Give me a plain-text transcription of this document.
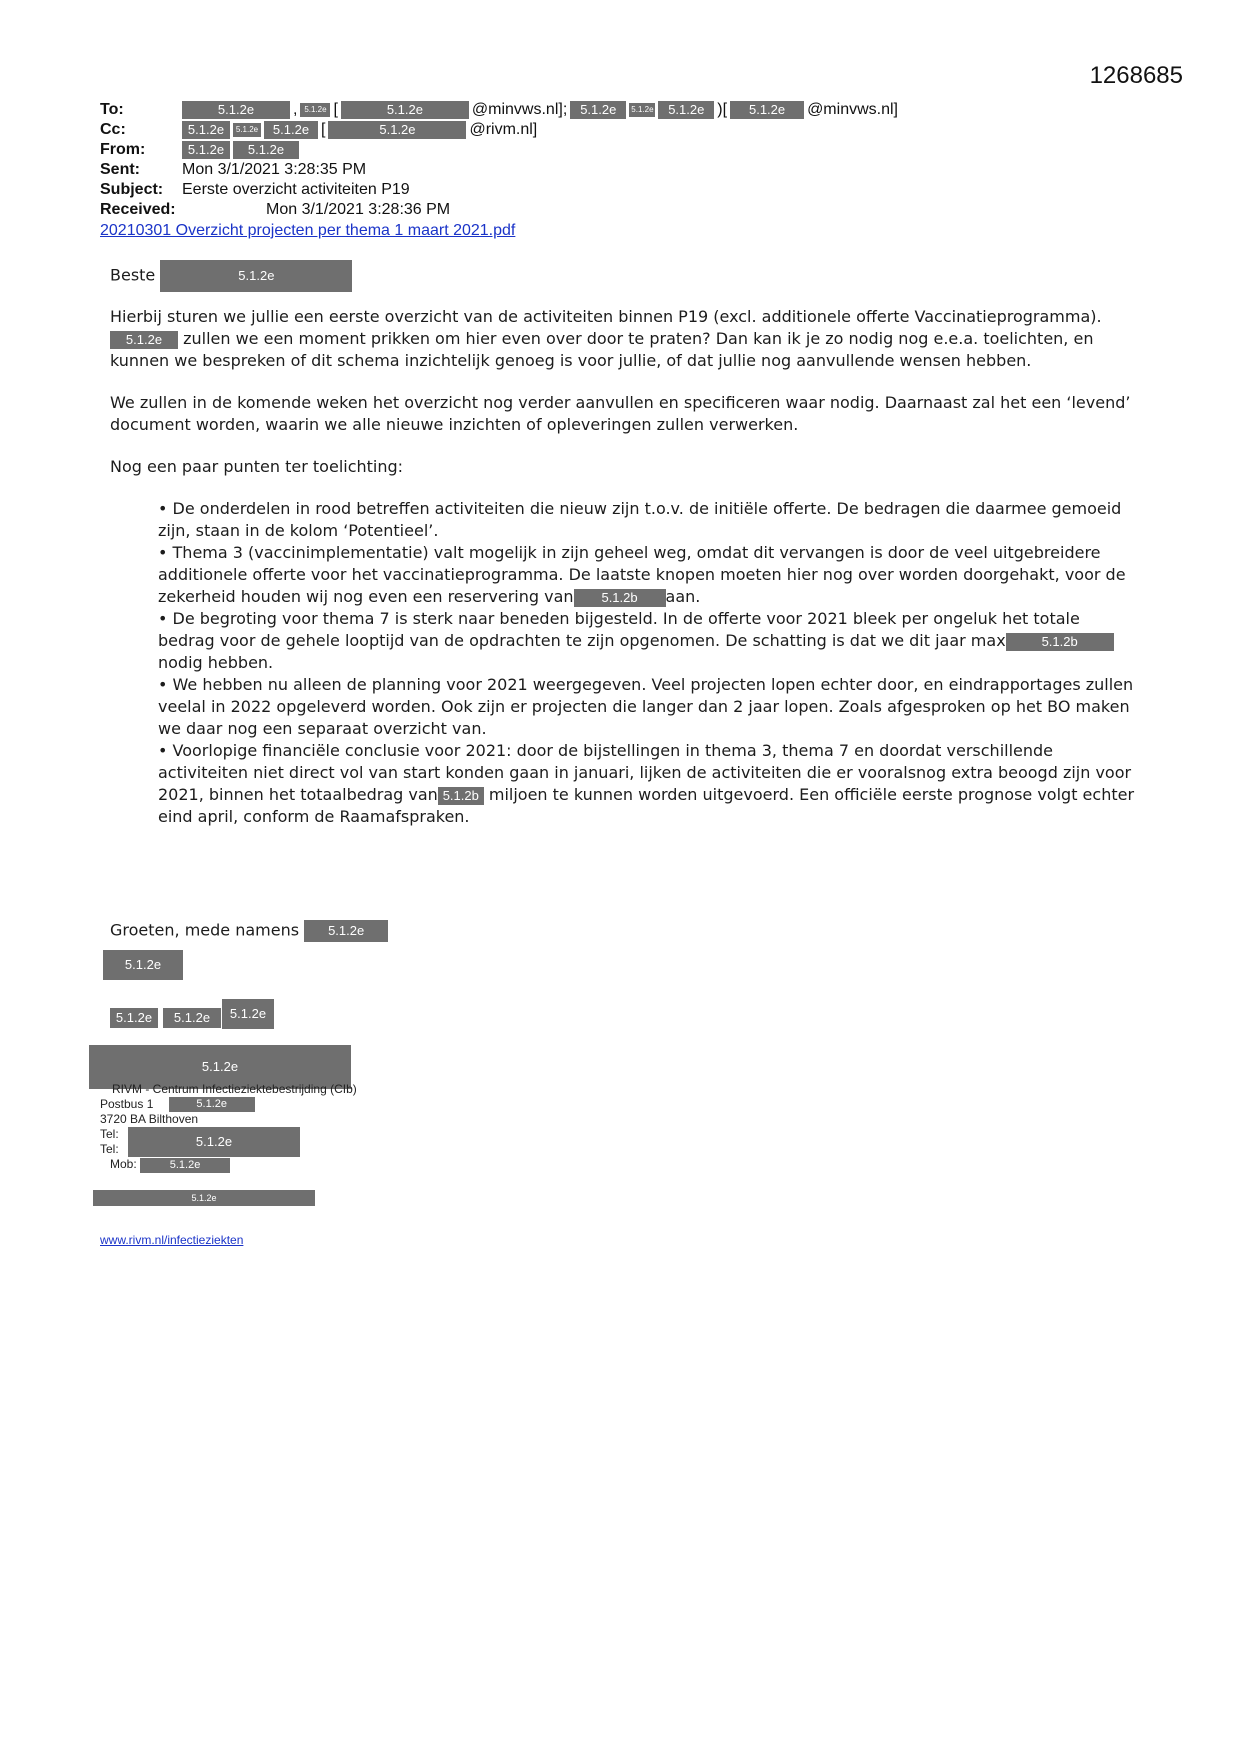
1268685
To:	5.1.2e	, 5.1.2e [	5.1.2e	@minvws.nl]; 5.1.2e	5.1.2e	5.1.2e )[	5.1.2e	@minvws.nl]
Cc:	5.1.2e	5.1.2e	5.1.2e [	5.1.2e	@rivm.nl]
From:	5.1.2e	5.1.2e
Sent:	Mon 3/1/2021 3:28:35 PM
Subject:	Eerste overzicht activiteiten P19
Received:	Mon 3/1/2021 3:28:36 PM
20210301 Overzicht projecten per thema 1 maart 2021.pdf

Beste	5.1.2e

Hierbij sturen we jullie een eerste overzicht van de activiteiten binnen P19 (excl. additionele offerte Vaccinatieprogramma).

5.1.2e zullen we een moment prikken om hier even over door te praten? Dan kan ik je zo nodig nog e.e.a. toelichten, en kunnen we bespreken of dit schema inzichtelijk genoeg is voor jullie, of dat jullie nog aanvullende wensen hebben.

We zullen in de komende weken het overzicht nog verder aanvullen en specificeren waar nodig. Daarnaast zal het een ‘levend’ document worden, waarin we alle nieuwe inzichten of opleveringen zullen verwerken.

Nog een paar punten ter toelichting:

• De onderdelen in rood betreffen activiteiten die nieuw zijn t.o.v. de initiële offerte. De bedragen die daarmee gemoeid zijn, staan in de kolom ‘Potentieel’.
• Thema 3 (vaccinimplementatie) valt mogelijk in zijn geheel weg, omdat dit vervangen is door de veel uitgebreidere additionele offerte voor het vaccinatieprogramma. De laatste knopen moeten hier nog over worden doorgehakt, voor de zekerheid houden wij nog even een reservering van 5.1.2b aan.
• De begroting voor thema 7 is sterk naar beneden bijgesteld. In de offerte voor 2021 bleek per ongeluk het totale bedrag voor de gehele looptijd van de opdrachten te zijn opgenomen. De schatting is dat we dit jaar max	5.1.2bnodig hebben.
• We hebben nu alleen de planning voor 2021 weergegeven. Veel projecten lopen echter door, en eindrapportages zullen veelal in 2022 opgeleverd worden. Ook zijn er projecten die langer dan 2 jaar lopen. Zoals afgesproken op het BO maken we daar nog een separaat overzicht van.
• Voorlopige financiële conclusie voor 2021: door de bijstellingen in thema 3, thema 7 en doordat verschillende activiteiten niet direct vol van start konden gaan in januari, lijken de activiteiten die er vooralsnog extra beoogd zijn voor 2021, binnen het totaalbedrag van 5.1.2b miljoen te kunnen worden uitgevoerd. Een officiële eerste prognose volgt echter eind april, conform de Raamafspraken.
Groeten, mede namens 5.1.2e
5.1.2e
5.1.2e	5.1.2e	5.1.2e
5.1.2e
RIVM - Centrum Infectieziektebestrijding (CIb)
Postbus 1	5.1.2e
3720 BA Bilthoven
Tel:
Tel:
Mob:	5.1.2e
5.1.2e
5.1.2e
www.rivm.nl/infectieziekten
